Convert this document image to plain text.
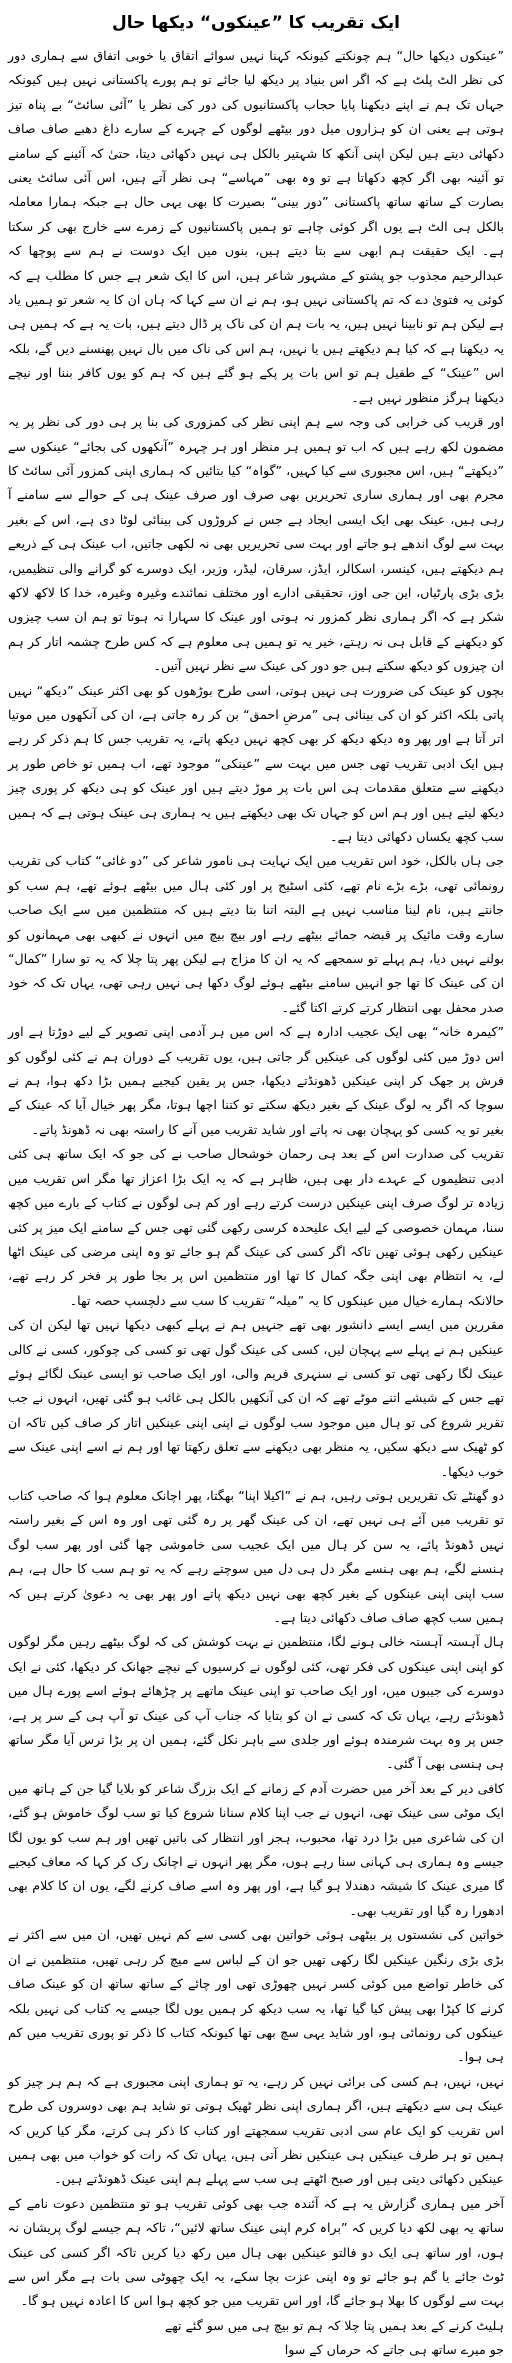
ایک تقریب کا ”عینکوں“ دیکھا حال

”عینکوں دیکھا حال“ ہم چونکتے کیونکہ کہنا نہیں سوائے اتفاق یا خوبی اتفاق سے ہماری دور کی نظر الٹ پلٹ ہے کہ اگر اس بنیاد پر دیکھ لیا جائے تو ہم پورے پاکستانی نہیں ہیں کیونکہ جہاں تک ہم نے اپنے دیکھنا پایا حجاب پاکستانیوں کی دور کی نظر یا ”آئی سائٹ“ بے پناہ تیز ہوتی ہے یعنی ان کو ہزاروں میل دور بیٹھے لوگوں کے چہرے کے سارے داغ دھبے صاف صاف دکھائی دیتے ہیں لیکن اپنی آنکھ کا شہتیر بالکل ہی نہیں دکھائی دیتا، حتیٰ کہ آئینے کے سامنے تو آئینہ بھی اگر کچھ دکھاتا ہے تو وہ بھی ”مہاسے“ ہی نظر آتے ہیں، اس آئی سائٹ یعنی بصارت کے ساتھ ساتھ پاکستانی ”دور بینی“ بصیرت کا بھی یہی حال ہے جبکہ ہمارا معاملہ بالکل ہی الٹ ہے یوں اگر کوئی چاہے تو ہمیں پاکستانیوں کے زمرے سے خارج بھی کر سکتا ہے۔ ایک حقیقت ہم ابھی سے بتا دیتے ہیں، بنوں میں ایک دوست نے ہم سے پوچھا کہ عبدالرحیم مجذوب جو پشتو کے مشہور شاعر ہیں، اس کا ایک شعر ہے جس کا مطلب ہے کہ کوئی یہ فتویٰ دے کہ تم پاکستانی نہیں ہو، ہم نے ان سے کہا کہ ہاں ان کا یہ شعر تو ہمیں یاد ہے لیکن ہم تو نابینا نہیں ہیں، یہ بات ہم ان کی ناک پر ڈال دیتے ہیں، بات یہ ہے کہ ہمیں ہی یہ دیکھنا ہے کہ کیا ہم دیکھتے ہیں یا نہیں، ہم اس کی ناک میں بال نہیں پھنسنے دیں گے، بلکہ اس ”عینک“ کے طفیل ہم تو اس بات پر پکے ہو گئے ہیں کہ ہم کو یوں کافر بننا اور نیچے دیکھنا ہرگز منظور نہیں ہے۔

اور قریب کی خرابی کی وجہ سے ہم اپنی نظر کی کمزوری کی بنا پر ہی دور کی نظر پر یہ مضمون لکھ رہے ہیں کہ اب تو ہمیں ہر منظر اور ہر چہرہ ”آنکھوں کی بجائے“ عینکوں سے ”دیکھتے“ ہیں، اس مجبوری سے کیا کہیں، ”گواہ“ کیا بتائیں کہ ہماری اپنی کمزور آئی سائٹ کا مجرم بھی اور ہماری ساری تحریریں بھی صرف اور صرف عینک ہی کے حوالے سے سامنے آ رہی ہیں، عینک بھی ایک ایسی ایجاد ہے جس نے کروڑوں کی بینائی لوٹا دی ہے، اس کے بغیر بہت سے لوگ اندھے ہو جاتے اور بہت سی تحریریں بھی نہ لکھی جاتیں، اب عینک ہی کے ذریعے ہم دیکھتے ہیں، کینسر، اسکالر، ایڈز، سرقان، لیڈر، وزیر، ایک دوسرے کو گرانے والی تنظیمیں، بڑی بڑی پارٹیاں، این جی اوز، تحقیقی ادارے اور مختلف نمائندے وغیرہ وغیرہ، خدا کا لاکھ لاکھ شکر ہے کہ اگر ہماری نظر کمزور نہ ہوتی اور عینک کا سہارا نہ ہوتا تو ہم ان سب چیزوں کو دیکھنے کے قابل ہی نہ رہتے، خیر یہ تو ہمیں ہی معلوم ہے کہ کس طرح چشمہ اتار کر ہم ان چیزوں کو دیکھ سکتے ہیں جو دور کی عینک سے نظر نہیں آتیں۔

بچوں کو عینک کی ضرورت ہی نہیں ہوتی، اسی طرح بوڑھوں کو بھی اکثر عینک ”دیکھ“ نہیں پاتی بلکہ اکثر کو ان کی بینائی ہی ”مرضِ احمق“ بن کر رہ جاتی ہے، ان کی آنکھوں میں موتیا اتر آتا ہے اور پھر وہ دیکھ دیکھ کر بھی کچھ نہیں دیکھ پاتے، یہ تقریب جس کا ہم ذکر کر رہے ہیں ایک ادبی تقریب تھی جس میں بہت سے ”عینکی“ موجود تھے، اب ہمیں تو خاص طور پر دیکھنے سے متعلق مقدمات ہی اس بات پر موڑ دیتے ہیں اور عینک کو ہی دیکھ کر پوری چیز دیکھ لیتے ہیں اور ہم اس کو جہاں تک بھی دیکھتے ہیں یہ ہماری ہی عینک ہوتی ہے کہ ہمیں سب کچھ یکساں دکھائی دیتا ہے۔

جی ہاں بالکل، خود اس تقریب میں ایک نہایت ہی نامور شاعر کی ”دو غائی“ کتاب کی تقریب رونمائی تھی، بڑے بڑے نام تھے، کئی اسٹیج پر اور کئی ہال میں بیٹھے ہوئے تھے، ہم سب کو جانتے ہیں، نام لینا مناسب نہیں ہے البتہ اتنا بتا دیتے ہیں کہ منتظمین میں سے ایک صاحب سارے وقت مائیک پر قبضہ جمائے بیٹھے رہے اور بیچ بیچ میں انہوں نے کبھی بھی مہمانوں کو بولنے نہیں دیا، ہم پہلے تو سمجھے کہ یہ ان کا مزاج ہے لیکن پھر پتا چلا کہ یہ تو سارا ”کمال“ ان کی عینک کا تھا جو انہیں سامنے بیٹھے ہوئے لوگ دکھا ہی نہیں رہی تھی، یہاں تک کہ خود صدر محفل بھی انتظار کرتے کرتے اکتا گئے۔

”کیمرہ خانہ“ بھی ایک عجیب ادارہ ہے کہ اس میں ہر آدمی اپنی تصویر کے لیے دوڑتا ہے اور اس دوڑ میں کئی لوگوں کی عینکیں گر جاتی ہیں، یوں تقریب کے دوران ہم نے کئی لوگوں کو فرش پر جھک کر اپنی عینکیں ڈھونڈتے دیکھا، جس پر یقین کیجیے ہمیں بڑا دکھ ہوا، ہم نے سوچا کہ اگر یہ لوگ عینک کے بغیر دیکھ سکتے تو کتنا اچھا ہوتا، مگر پھر خیال آیا کہ عینک کے بغیر تو یہ کسی کو پہچان بھی نہ پاتے اور شاید تقریب میں آنے کا راستہ بھی نہ ڈھونڈ پاتے۔

تقریب کی صدارت اس کے بعد ہی رحمان خوشحال صاحب نے کی جو کہ ایک ساتھ ہی کئی ادبی تنظیموں کے عہدے دار بھی ہیں، ظاہر ہے کہ یہ ایک بڑا اعزاز تھا مگر اس تقریب میں زیادہ تر لوگ صرف اپنی عینکیں درست کرتے رہے اور کم ہی لوگوں نے کتاب کے بارے میں کچھ سنا، مہمان خصوصی کے لیے ایک علیحدہ کرسی رکھی گئی تھی جس کے سامنے ایک میز پر کئی عینکیں رکھی ہوئی تھیں تاکہ اگر کسی کی عینک گم ہو جائے تو وہ اپنی مرضی کی عینک اٹھا لے، یہ انتظام بھی اپنی جگہ کمال کا تھا اور منتظمین اس پر بجا طور پر فخر کر رہے تھے، حالانکہ ہمارے خیال میں عینکوں کا یہ ”میلہ“ تقریب کا سب سے دلچسپ حصہ تھا۔

مقررین میں ایسے ایسے دانشور بھی تھے جنہیں ہم نے پہلے کبھی دیکھا نہیں تھا لیکن ان کی عینکیں ہم نے پہلے سے پہچان لیں، کسی کی عینک گول تھی تو کسی کی چوکور، کسی نے کالی عینک لگا رکھی تھی تو کسی نے سنہری فریم والی، اور ایک صاحب تو ایسی عینک لگائے ہوئے تھے جس کے شیشے اتنے موٹے تھے کہ ان کی آنکھیں بالکل ہی غائب ہو گئی تھیں، انہوں نے جب تقریر شروع کی تو ہال میں موجود سب لوگوں نے اپنی اپنی عینکیں اتار کر صاف کیں تاکہ ان کو ٹھیک سے دیکھ سکیں، یہ منظر بھی دیکھنے سے تعلق رکھتا تھا اور ہم نے اسے اپنی عینک سے خوب دیکھا۔

دو گھنٹے تک تقریریں ہوتی رہیں، ہم نے ”اکیلا اپنا“ بھگتا، پھر اچانک معلوم ہوا کہ صاحب کتاب تو تقریب میں آئے ہی نہیں تھے، ان کی عینک گھر پر رہ گئی تھی اور وہ اس کے بغیر راستہ نہیں ڈھونڈ پائے، یہ سن کر ہال میں ایک عجیب سی خاموشی چھا گئی اور پھر سب لوگ ہنسنے لگے، ہم بھی ہنسے مگر دل ہی دل میں سوچتے رہے کہ یہ تو ہم سب کا حال ہے، ہم سب اپنی اپنی عینکوں کے بغیر کچھ بھی نہیں دیکھ پاتے اور پھر بھی یہ دعویٰ کرتے ہیں کہ ہمیں سب کچھ صاف صاف دکھائی دیتا ہے۔

ہال آہستہ آہستہ خالی ہونے لگا، منتظمین نے بہت کوشش کی کہ لوگ بیٹھے رہیں مگر لوگوں کو اپنی اپنی عینکوں کی فکر تھی، کئی لوگوں نے کرسیوں کے نیچے جھانک کر دیکھا، کئی نے ایک دوسرے کی جیبوں میں، اور ایک صاحب تو اپنی عینک ماتھے پر چڑھائے ہوئے اسے پورے ہال میں ڈھونڈتے رہے، یہاں تک کہ کسی نے ان کو بتایا کہ جناب آپ کی عینک تو آپ ہی کے سر پر ہے، جس پر وہ بہت شرمندہ ہوئے اور جلدی سے باہر نکل گئے، ہمیں ان پر بڑا ترس آیا مگر ساتھ ہی ہنسی بھی آ گئی۔

کافی دیر کے بعد آخر میں حضرت آدم کے زمانے کے ایک بزرگ شاعر کو بلایا گیا جن کے ہاتھ میں ایک موٹی سی عینک تھی، انہوں نے جب اپنا کلام سنانا شروع کیا تو سب لوگ خاموش ہو گئے، ان کی شاعری میں بڑا درد تھا، محبوب، ہجر اور انتظار کی باتیں تھیں اور ہم سب کو یوں لگا جیسے وہ ہماری ہی کہانی سنا رہے ہوں، مگر پھر انہوں نے اچانک رک کر کہا کہ معاف کیجیے گا میری عینک کا شیشہ دھندلا ہو گیا ہے، اور پھر وہ اسے صاف کرنے لگے، یوں ان کا کلام بھی ادھورا رہ گیا اور تقریب بھی۔

خواتین کی نشستوں پر بیٹھی ہوئی خواتین بھی کسی سے کم نہیں تھیں، ان میں سے اکثر نے بڑی بڑی رنگین عینکیں لگا رکھی تھیں جو ان کے لباس سے میچ کر رہی تھیں، منتظمین نے ان کی خاطر تواضع میں کوئی کسر نہیں چھوڑی تھی اور چائے کے ساتھ ساتھ ان کو عینک صاف کرنے کا کپڑا بھی پیش کیا گیا تھا، یہ سب دیکھ کر ہمیں یوں لگا جیسے یہ کتاب کی نہیں بلکہ عینکوں کی رونمائی ہو، اور شاید یہی سچ بھی تھا کیونکہ کتاب کا ذکر تو پوری تقریب میں کم ہی ہوا۔

نہیں، نہیں، ہم کسی کی برائی نہیں کر رہے، یہ تو ہماری اپنی مجبوری ہے کہ ہم ہر چیز کو عینک ہی سے دیکھتے ہیں، اگر ہماری اپنی نظر ٹھیک ہوتی تو شاید ہم بھی دوسروں کی طرح اس تقریب کو ایک عام سی ادبی تقریب سمجھتے اور کتاب کا ذکر ہی کرتے، مگر کیا کریں کہ ہمیں تو ہر طرف عینکیں ہی عینکیں نظر آتی ہیں، یہاں تک کہ رات کو خواب میں بھی ہمیں عینکیں دکھائی دیتی ہیں اور صبح اٹھتے ہی سب سے پہلے ہم اپنی عینک ڈھونڈتے ہیں۔

آخر میں ہماری گزارش یہ ہے کہ آئندہ جب بھی کوئی تقریب ہو تو منتظمین دعوت نامے کے ساتھ یہ بھی لکھ دیا کریں کہ ”براہ کرم اپنی عینک ساتھ لائیں“، تاکہ ہم جیسے لوگ پریشان نہ ہوں، اور ساتھ ہی ایک دو فالتو عینکیں بھی ہال میں رکھ دیا کریں تاکہ اگر کسی کی عینک ٹوٹ جائے یا گم ہو جائے تو وہ اپنی عزت بچا سکے، یہ ایک چھوٹی سی بات ہے مگر اس سے بہت سے لوگوں کا بھلا ہو جائے گا، اور اس تقریب میں جو کچھ ہوا اس کا اعادہ نہیں ہو گا۔

ہلیٹ کرنے کے بعد ہمیں پتا چلا کہ ہم تو بیچ ہی میں سو گئے تھے

جو میرے ساتھ ہی جاتے کہ حرماں کے سوا
